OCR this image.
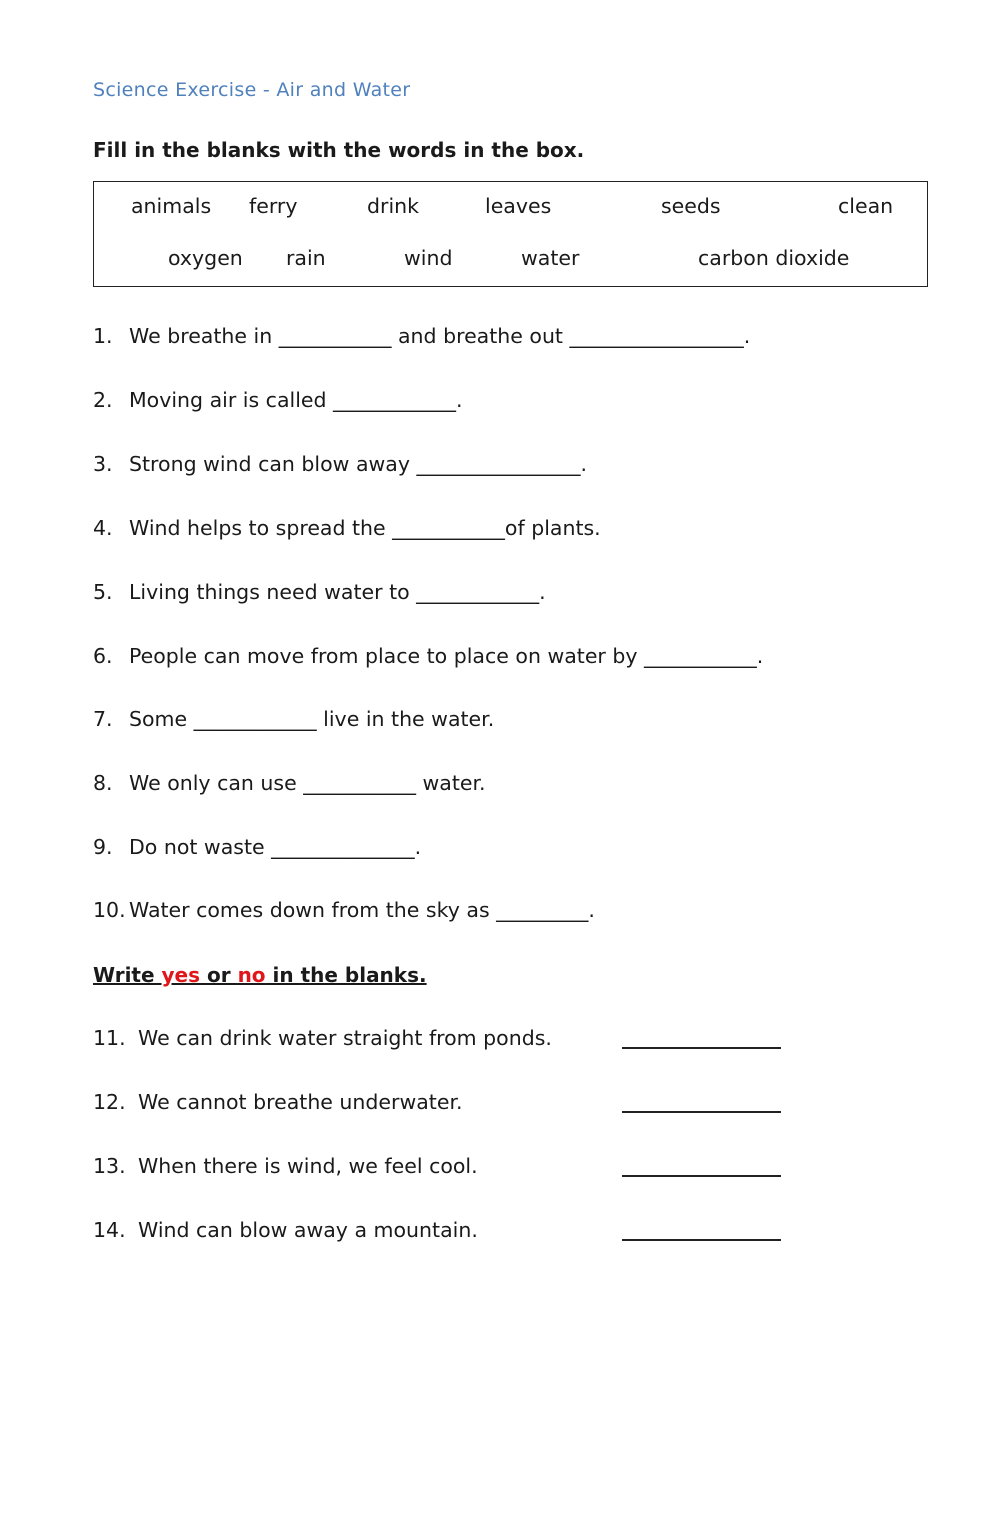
Science Exercise - Air and Water
Fill in the blanks with the words in the box.
animals ferry	drink	leaves	seeds	clean
oxygen rain	wind	water	carbon dioxide
1. We breathe in ___________ and breathe out _________________.
2. Moving air is called ____________.
3. Strong wind can blow away ________________.
4. Wind helps to spread the ___________of plants.
5. Living things need water to ____________.
6. People can move from place to place on water by ___________.
7. Some ____________ live in the water.
8. We only can use ___________ water.
9. Do not waste ______________.
10. Water comes down from the sky as _________.
Write yes or no in the blanks.
11. We can drink water straight from ponds.
12. We cannot breathe underwater.
13. When there is wind, we feel cool.
14. Wind can blow away a mountain.
